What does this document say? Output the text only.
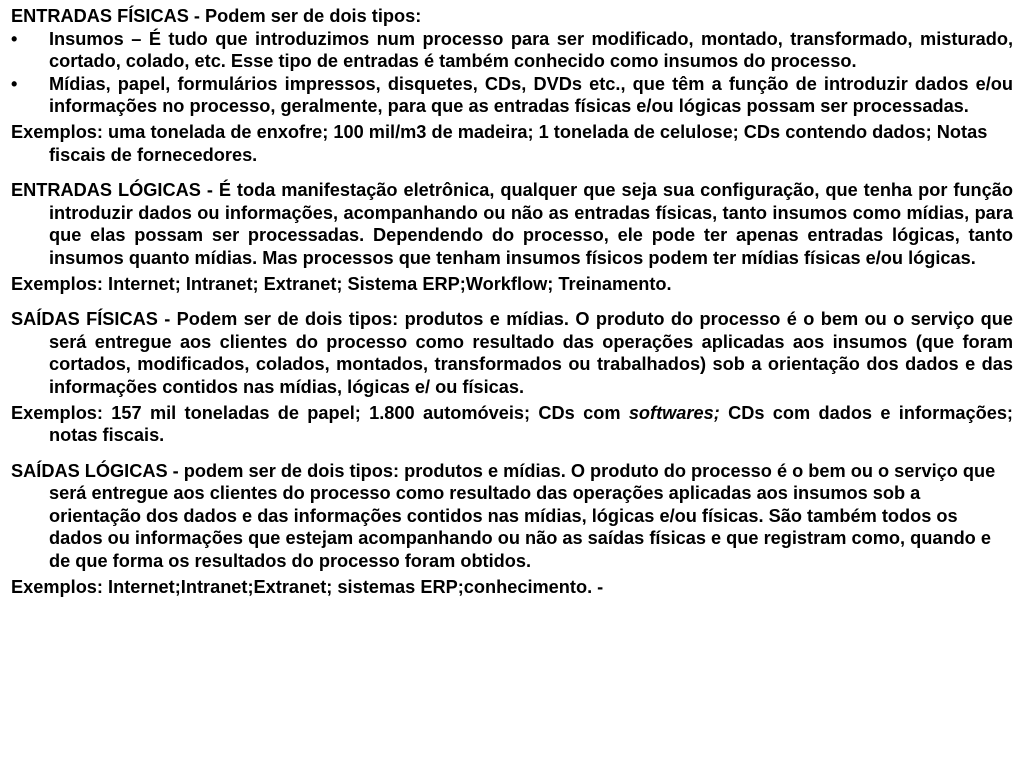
ENTRADAS FÍSICAS - Podem ser de dois tipos:

•	Insumos – É tudo que introduzimos num processo para ser modificado, montado, transformado, misturado, cortado, colado, etc. Esse tipo de entradas é também conhecido como insumos do processo.
•	Mídias, papel, formulários impressos, disquetes, CDs, DVDs etc., que têm a função de introduzir dados e/ou informações no processo, geralmente, para que as entradas físicas e/ou lógicas possam ser processadas.

Exemplos: uma tonelada de enxofre; 100 mil/m3 de madeira; 1 tonelada de celulose; CDs contendo dados; Notas fiscais de fornecedores.

ENTRADAS LÓGICAS - É toda manifestação eletrônica, qualquer que seja sua configuração, que tenha por função introduzir dados ou informações, acompanhando ou não as entradas físicas, tanto insumos como mídias, para que elas possam ser processadas. Dependendo do processo, ele pode ter apenas entradas lógicas, tanto insumos quanto mídias. Mas processos que tenham insumos físicos podem ter mídias físicas e/ou lógicas.

Exemplos: Internet; Intranet; Extranet; Sistema ERP;Workflow; Treinamento.

SAÍDAS FÍSICAS - Podem ser de dois tipos: produtos e mídias. O produto do processo é o bem ou o serviço que será entregue aos clientes do processo como resultado das operações aplicadas aos insumos (que foram cortados, modificados, colados, montados, transformados ou trabalhados) sob a orientação dos dados e das informações contidos nas mídias, lógicas e/ ou físicas.

Exemplos: 157 mil toneladas de papel; 1.800 automóveis; CDs com softwares; CDs com dados e informações; notas fiscais.

SAÍDAS LÓGICAS - podem ser de dois tipos: produtos e mídias. O produto do processo é o bem ou o serviço que será entregue aos clientes do processo como resultado das operações aplicadas aos insumos sob a orientação dos dados e das informações contidos nas mídias, lógicas e/ou físicas. São também todos os dados ou informações que estejam acompanhando ou não as saídas físicas e que registram como, quando e de que forma os resultados do processo foram obtidos.

Exemplos: Internet;Intranet;Extranet; sistemas ERP;conhecimento. -
